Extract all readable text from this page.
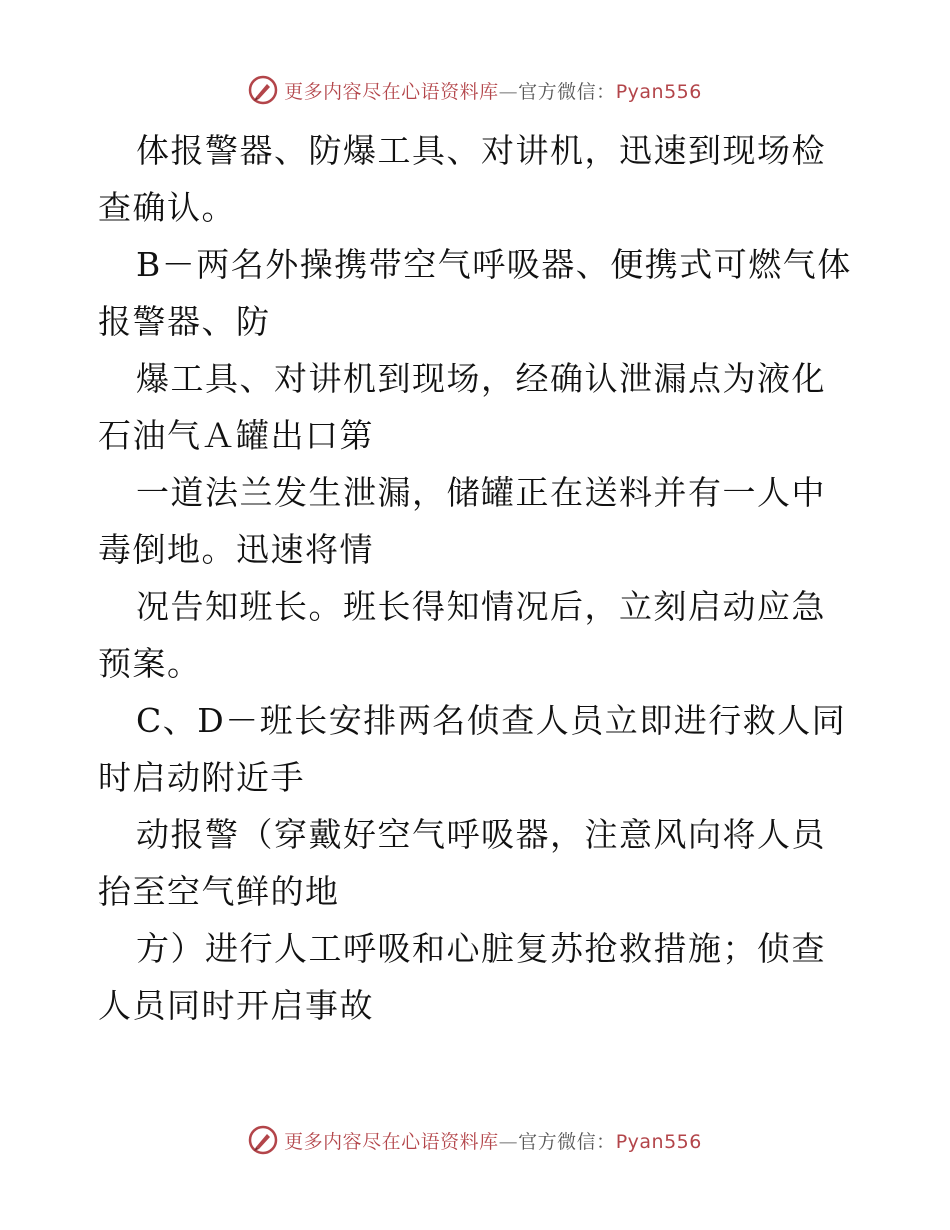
更多内容尽在心语资料库—官方微信：Pyan556

体报警器、防爆工具、对讲机，迅速到现场检查确认。

B－两名外操携带空气呼吸器、便携式可燃气体报警器、防

爆工具、对讲机到现场，经确认泄漏点为液化石油气Ａ罐出口第

一道法兰发生泄漏，储罐正在送料并有一人中毒倒地。迅速将情

况告知班长。班长得知情况后，立刻启动应急预案。

C、D－班长安排两名侦查人员立即进行救人同时启动附近手

动报警（穿戴好空气呼吸器，注意风向将人员抬至空气鲜的地

方）进行人工呼吸和心脏复苏抢救措施；侦查人员同时开启事故

更多内容尽在心语资料库—官方微信：Pyan556
